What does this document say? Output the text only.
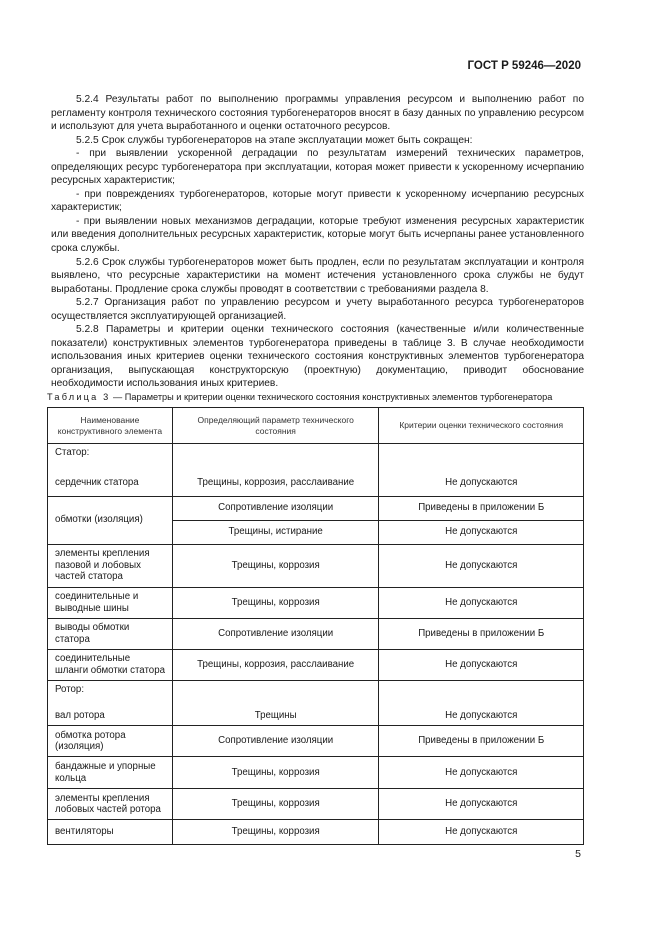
ГОСТ Р 59246—2020

5.2.4 Результаты работ по выполнению программы управления ресурсом и выполнению работ по регламенту контроля технического состояния турбогенераторов вносят в базу данных по управлению ресурсом и используют для учета выработанного и оценки остаточного ресурсов.

5.2.5 Срок службы турбогенераторов на этапе эксплуатации может быть сокращен:

- при выявлении ускоренной деградации по результатам измерений технических параметров, определяющих ресурс турбогенератора при эксплуатации, которая может привести к ускоренному исчерпанию ресурсных характеристик;

- при повреждениях турбогенераторов, которые могут привести к ускоренному исчерпанию ресурсных характеристик;

- при выявлении новых механизмов деградации, которые требуют изменения ресурсных характеристик или введения дополнительных ресурсных характеристик, которые могут быть исчерпаны ранее установленного срока службы.

5.2.6 Срок службы турбогенераторов может быть продлен, если по результатам эксплуатации и контроля выявлено, что ресурсные характеристики на момент истечения установленного срока службы не будут выработаны. Продление срока службы проводят в соответствии с требованиями раздела 8.

5.2.7 Организация работ по управлению ресурсом и учету выработанного ресурса турбогенераторов осуществляется эксплуатирующей организацией.

5.2.8 Параметры и критерии оценки технического состояния (качественные и/или количественные показатели) конструктивных элементов турбогенератора приведены в таблице 3. В случае необходимости использования иных критериев оценки технического состояния конструктивных элементов турбогенератора организация, выпускающая конструкторскую (проектную) документацию, приводит обоснование необходимости использования иных критериев.

Таблица 3 — Параметры и критерии оценки технического состояния конструктивных элементов турбогенератора
Наименование конструктивного элемента	Определяющий параметр технического состояния	Критерии оценки технического состояния
Статор:		
сердечник статора	Трещины, коррозия, расслаивание	Не допускаются
обмотки (изоляция)	Сопротивление изоляции	Приведены в приложении Б
	Трещины, истирание	Не допускаются
элементы крепления пазовой и лобовых частей статора	Трещины, коррозия	Не допускаются
соединительные и выводные шины	Трещины, коррозия	Не допускаются
выводы обмотки статора	Сопротивление изоляции	Приведены в приложении Б
соединительные шланги обмотки статора	Трещины, коррозия, расслаивание	Не допускаются
Ротор:		
вал ротора	Трещины	Не допускаются
обмотка ротора (изоляция)	Сопротивление изоляции	Приведены в приложении Б
бандажные и упорные кольца	Трещины, коррозия	Не допускаются
элементы крепления лобовых частей ротора	Трещины, коррозия	Не допускаются
вентиляторы	Трещины, коррозия	Не допускаются
5
